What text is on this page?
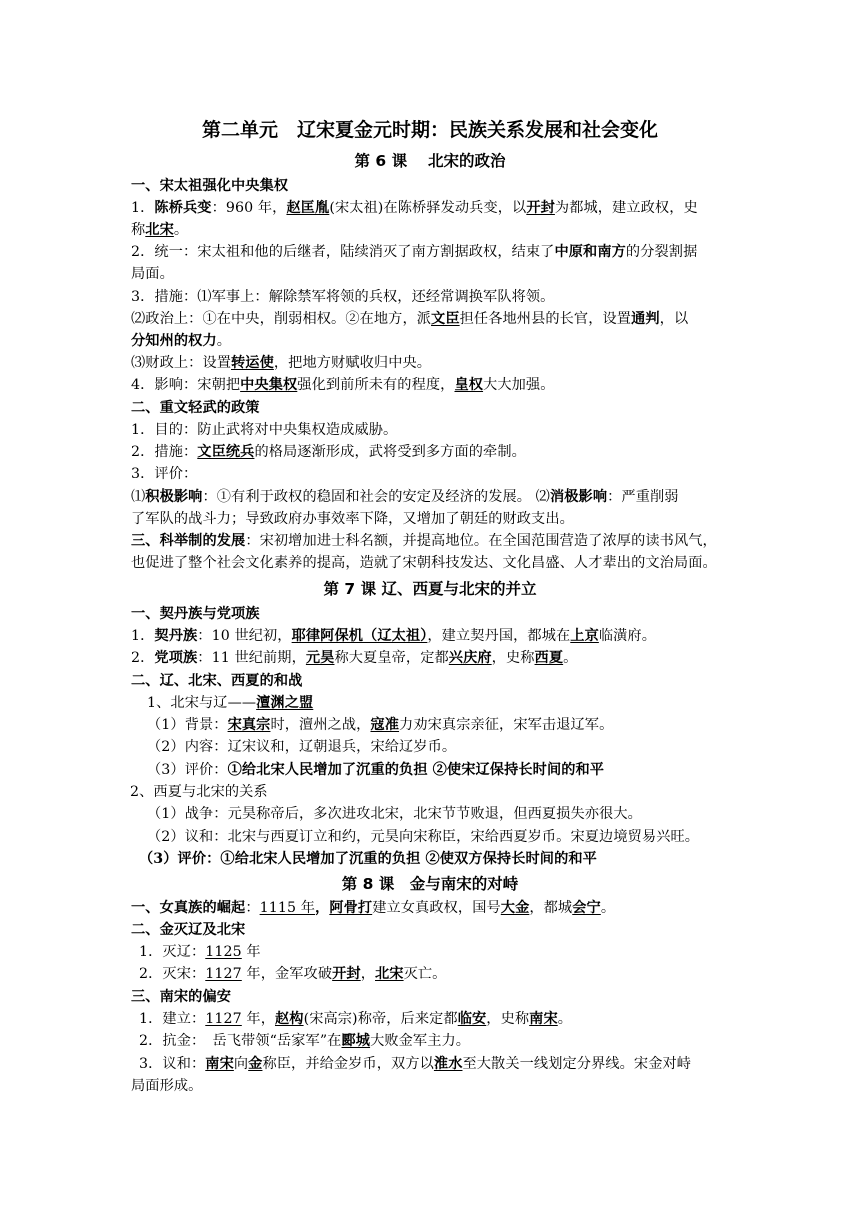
第二单元　辽宋夏金元时期：民族关系发展和社会变化
第 6 课　 北宋的政治

一、宋太祖强化中央集权

1．陈桥兵变：960 年，赵匡胤(宋太祖)在陈桥驿发动兵变，以开封为都城，建立政权，史

称北宋。

2．统一：宋太祖和他的后继者，陆续消灭了南方割据政权，结束了中原和南方的分裂割据

局面。

3．措施：⑴军事上：解除禁军将领的兵权，还经常调换军队将领。

⑵政治上：①在中央，削弱相权。②在地方，派文臣担任各地州县的长官，设置通判，以

分知州的权力。

⑶财政上：设置转运使，把地方财赋收归中央。

4．影响：宋朝把中央集权强化到前所未有的程度，皇权大大加强。

二、重文轻武的政策

1．目的：防止武将对中央集权造成威胁。

2．措施：文臣统兵的格局逐渐形成，武将受到多方面的牵制。

3．评价：

⑴积极影响：①有利于政权的稳固和社会的安定及经济的发展。 ⑵消极影响：严重削弱

了军队的战斗力；导致政府办事效率下降，又增加了朝廷的财政支出。

三、科举制的发展：宋初增加进士科名额，并提高地位。在全国范围营造了浓厚的读书风气，

也促进了整个社会文化素养的提高，造就了宋朝科技发达、文化昌盛、人才辈出的文治局面。

第 7 课 辽、西夏与北宋的并立

一、契丹族与党项族

1．契丹族：10 世纪初，耶律阿保机（辽太祖），建立契丹国，都城在上京临潢府。

2．党项族：11 世纪前期，元昊称大夏皇帝，定都兴庆府，史称西夏。

二、辽、北宋、西夏的和战

1、北宋与辽——澶渊之盟

（1）背景：宋真宗时，澶州之战，寇准力劝宋真宗亲征，宋军击退辽军。

（2）内容：辽宋议和，辽朝退兵，宋给辽岁币。

（3）评价：①给北宋人民增加了沉重的负担 ②使宋辽保持长时间的和平

2、西夏与北宋的关系

（1）战争：元昊称帝后，多次进攻北宋，北宋节节败退，但西夏损失亦很大。

（2）议和：北宋与西夏订立和约，元昊向宋称臣，宋给西夏岁币。宋夏边境贸易兴旺。

（3）评价：①给北宋人民增加了沉重的负担 ②使双方保持长时间的和平

第 8 课　金与南宋的对峙

一、女真族的崛起：1115 年，阿骨打建立女真政权，国号大金，都城会宁。

二、金灭辽及北宋

1．灭辽：1125 年

2．灭宋：1127 年，金军攻破开封，北宋灭亡。

三、南宋的偏安

1．建立：1127 年，赵构(宋高宗)称帝，后来定都临安，史称南宋。

2．抗金：　岳飞带领“岳家军”在郾城大败金军主力。

3．议和：南宋向金称臣，并给金岁币，双方以淮水至大散关一线划定分界线。宋金对峙

局面形成。
